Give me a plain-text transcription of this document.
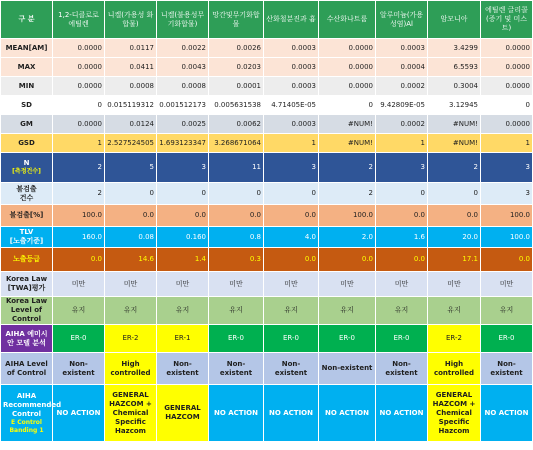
구 분	1,2-디클로로에틸렌	니켈(가용성 화합물)	니켈(불용성무기화합물)	망간및무기화합물	산화철분진과 흄	수산화나트륨	알루미늄(가용성염)Al	암모니아	에틸렌 글리콜(증기 및 미스트)
MEAN[AM]	0.0000	0.0117	0.0022	0.0026	0.0003	0.0000	0.0003	3.4299	0.0000
MAX	0.0000	0.0411	0.0043	0.0203	0.0003	0.0000	0.0004	6.5593	0.0000
MIN	0.0000	0.0008	0.0008	0.0001	0.0003	0.0000	0.0002	0.3004	0.0000
SD	0	0.015119312	0.001512173	0.005631538	4.71405E-05	0	9.42809E-05	3.12945	0
GM	0.0000	0.0124	0.0025	0.0062	0.0003	#NUM!	0.0002	#NUM!	0.0000
GSD	1	2.527524505	1.693123347	3.268671064	1	#NUM!	1	#NUM!	1
N
[측정건수]	2	5	3	11	3	2	3	2	3
불검출
건수	2	0	0	0	0	2	0	0	3
불검출[%]	100.0	0.0	0.0	0.0	0.0	100.0	0.0	0.0	100.0
TLV
[노출기준]	160.0	0.08	0.160	0.8	4.0	2.0	1.6	20.0	100.0
노출등급	0.0	14.6	1.4	0.3	0.0	0.0	0.0	17.1	0.0
Korea Law [TWA]평가	미만	미만	미만	미만	미만	미만	미만	미만	미만
Korea Law Level of Control	유지	유지	유지	유지	유지	유지	유지	유지	유지
AIHA 예미시안 모델 분석	ER-0	ER-2	ER-1	ER-0	ER-0	ER-0	ER-0	ER-2	ER-0
AIHA Level of Control	Non-existent	High controlled	Non-existent	Non-existent	Non-existent	Non-existent	Non-existent	High controlled	Non-existent
AIHA Recommended Control
E Control Banding 1	NO ACTION	GENERAL HAZCOM + Chemical Specific Hazcom	GENERAL HAZCOM	NO ACTION	NO ACTION	NO ACTION	NO ACTION	GENERAL HAZCOM + Chemical Specific Hazcom	NO ACTION
